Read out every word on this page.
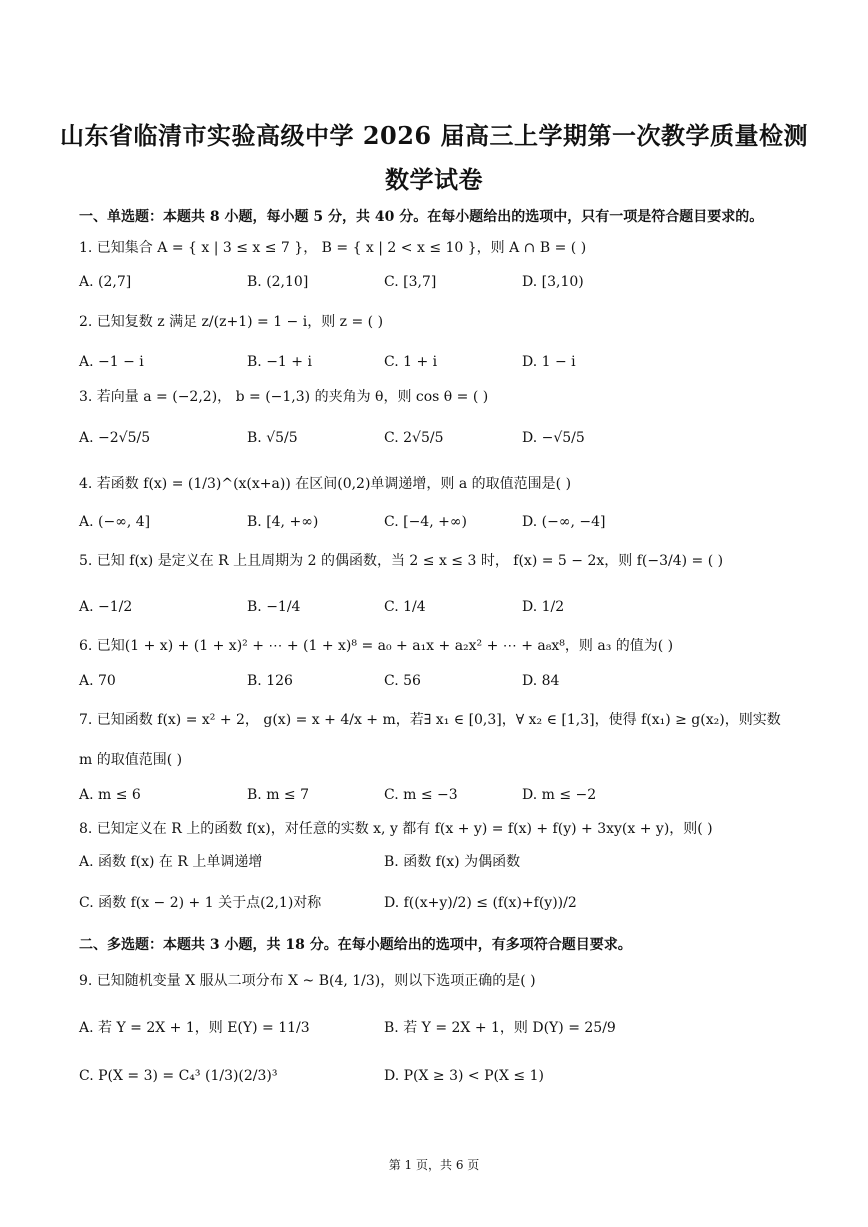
山东省临清市实验高级中学 2026 届高三上学期第一次教学质量检测
数学试卷
一、单选题：本题共 8 小题，每小题 5 分，共 40 分。在每小题给出的选项中，只有一项是符合题目要求的。
1. 已知集合 A = { x | 3 ≤ x ≤ 7 }， B = { x | 2 < x ≤ 10 }，则 A ∩ B = ( )
A. (2,7]	B. (2,10]	C. [3,7]	D. [3,10)
2. 已知复数 z 满足 z/(z+1) = 1 − i，则 z = ( )
A. −1 − i	B. −1 + i	C. 1 + i	D. 1 − i
3. 若向量 a = (−2,2)， b = (−1,3) 的夹角为 θ，则 cos θ = ( )
A. −2√5/5	B. √5/5	C. 2√5/5	D. −√5/5
4. 若函数 f(x) = (1/3)^(x(x+a)) 在区间(0,2)单调递增，则 a 的取值范围是( )
A. (−∞, 4]	B. [4, +∞)	C. [−4, +∞)	D. (−∞, −4]
5. 已知 f(x) 是定义在 R 上且周期为 2 的偶函数，当 2 ≤ x ≤ 3 时， f(x) = 5 − 2x，则 f(−3/4) = ( )
A. −1/2	B. −1/4	C. 1/4	D. 1/2
6. 已知(1 + x) + (1 + x)² + ⋯ + (1 + x)⁸ = a₀ + a₁x + a₂x² + ⋯ + a₈x⁸，则 a₃ 的值为( )
A. 70	B. 126	C. 56	D. 84
7. 已知函数 f(x) = x² + 2， g(x) = x + 4/x + m，若∃ x₁ ∈ [0,3]，∀ x₂ ∈ [1,3]，使得 f(x₁) ≥ g(x₂)，则实数
m 的取值范围( )
A. m ≤ 6	B. m ≤ 7	C. m ≤ −3	D. m ≤ −2
8. 已知定义在 R 上的函数 f(x)，对任意的实数 x, y 都有 f(x + y) = f(x) + f(y) + 3xy(x + y)，则( )
A. 函数 f(x) 在 R 上单调递增	B. 函数 f(x) 为偶函数
C. 函数 f(x − 2) + 1 关于点(2,1)对称	D. f((x+y)/2) ≤ (f(x)+f(y))/2
二、多选题：本题共 3 小题，共 18 分。在每小题给出的选项中，有多项符合题目要求。
9. 已知随机变量 X 服从二项分布 X ~ B(4, 1/3)，则以下选项正确的是( )
A. 若 Y = 2X + 1，则 E(Y) = 11/3	B. 若 Y = 2X + 1，则 D(Y) = 25/9
C. P(X = 3) = C₄³ (1/3)(2/3)³	D. P(X ≥ 3) < P(X ≤ 1)
第 1 页，共 6 页
